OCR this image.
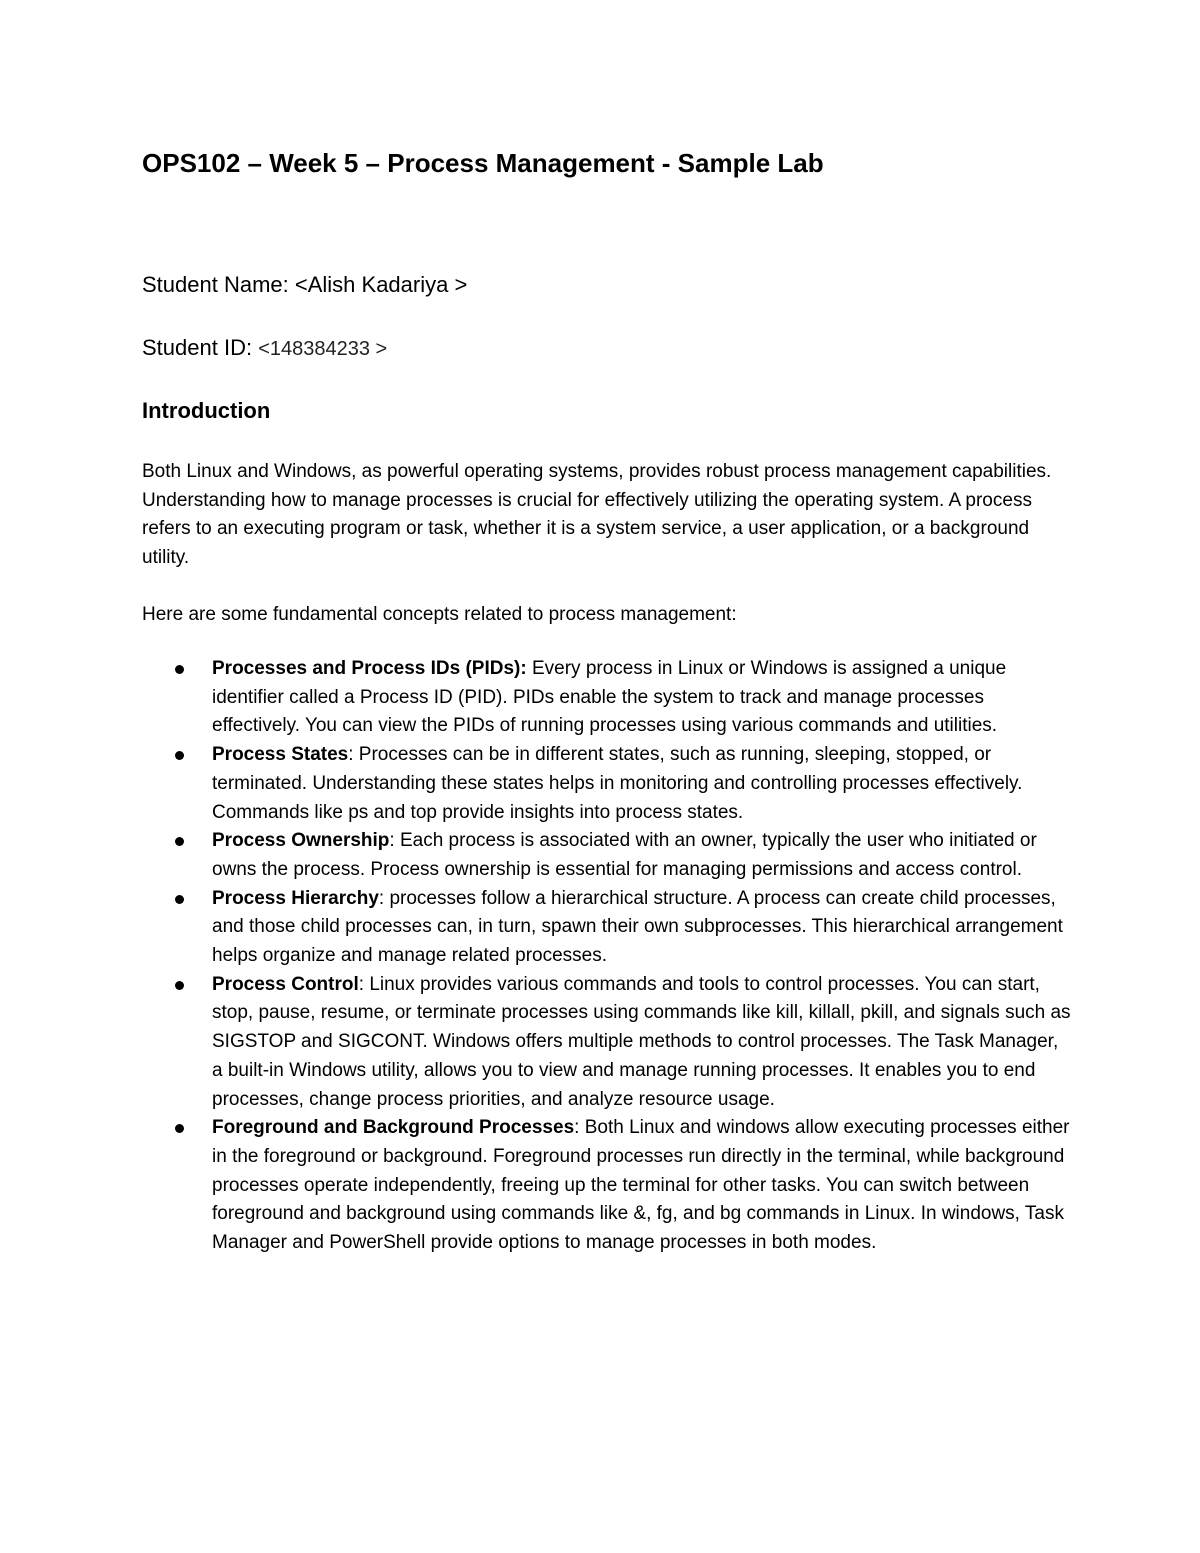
OPS102 – Week 5 – Process Management - Sample Lab

Student Name: <Alish Kadariya >

Student ID: <148384233 >

Introduction

Both Linux and Windows, as powerful operating systems, provides robust process management capabilities. Understanding how to manage processes is crucial for effectively utilizing the operating system. A process refers to an executing program or task, whether it is a system service, a user application, or a background utility.

Here are some fundamental concepts related to process management:

Processes and Process IDs (PIDs): Every process in Linux or Windows is assigned a unique identifier called a Process ID (PID). PIDs enable the system to track and manage processes effectively. You can view the PIDs of running processes using various commands and utilities.
Process States: Processes can be in different states, such as running, sleeping, stopped, or terminated. Understanding these states helps in monitoring and controlling processes effectively. Commands like ps and top provide insights into process states.
Process Ownership: Each process is associated with an owner, typically the user who initiated or owns the process. Process ownership is essential for managing permissions and access control.
Process Hierarchy: processes follow a hierarchical structure. A process can create child processes, and those child processes can, in turn, spawn their own subprocesses. This hierarchical arrangement helps organize and manage related processes.
Process Control: Linux provides various commands and tools to control processes. You can start, stop, pause, resume, or terminate processes using commands like kill, killall, pkill, and signals such as SIGSTOP and SIGCONT. Windows offers multiple methods to control processes. The Task Manager, a built-in Windows utility, allows you to view and manage running processes. It enables you to end processes, change process priorities, and analyze resource usage.
Foreground and Background Processes: Both Linux and windows allow executing processes either in the foreground or background. Foreground processes run directly in the terminal, while background processes operate independently, freeing up the terminal for other tasks. You can switch between foreground and background using commands like &, fg, and bg commands in Linux. In windows, Task Manager and PowerShell provide options to manage processes in both modes.
